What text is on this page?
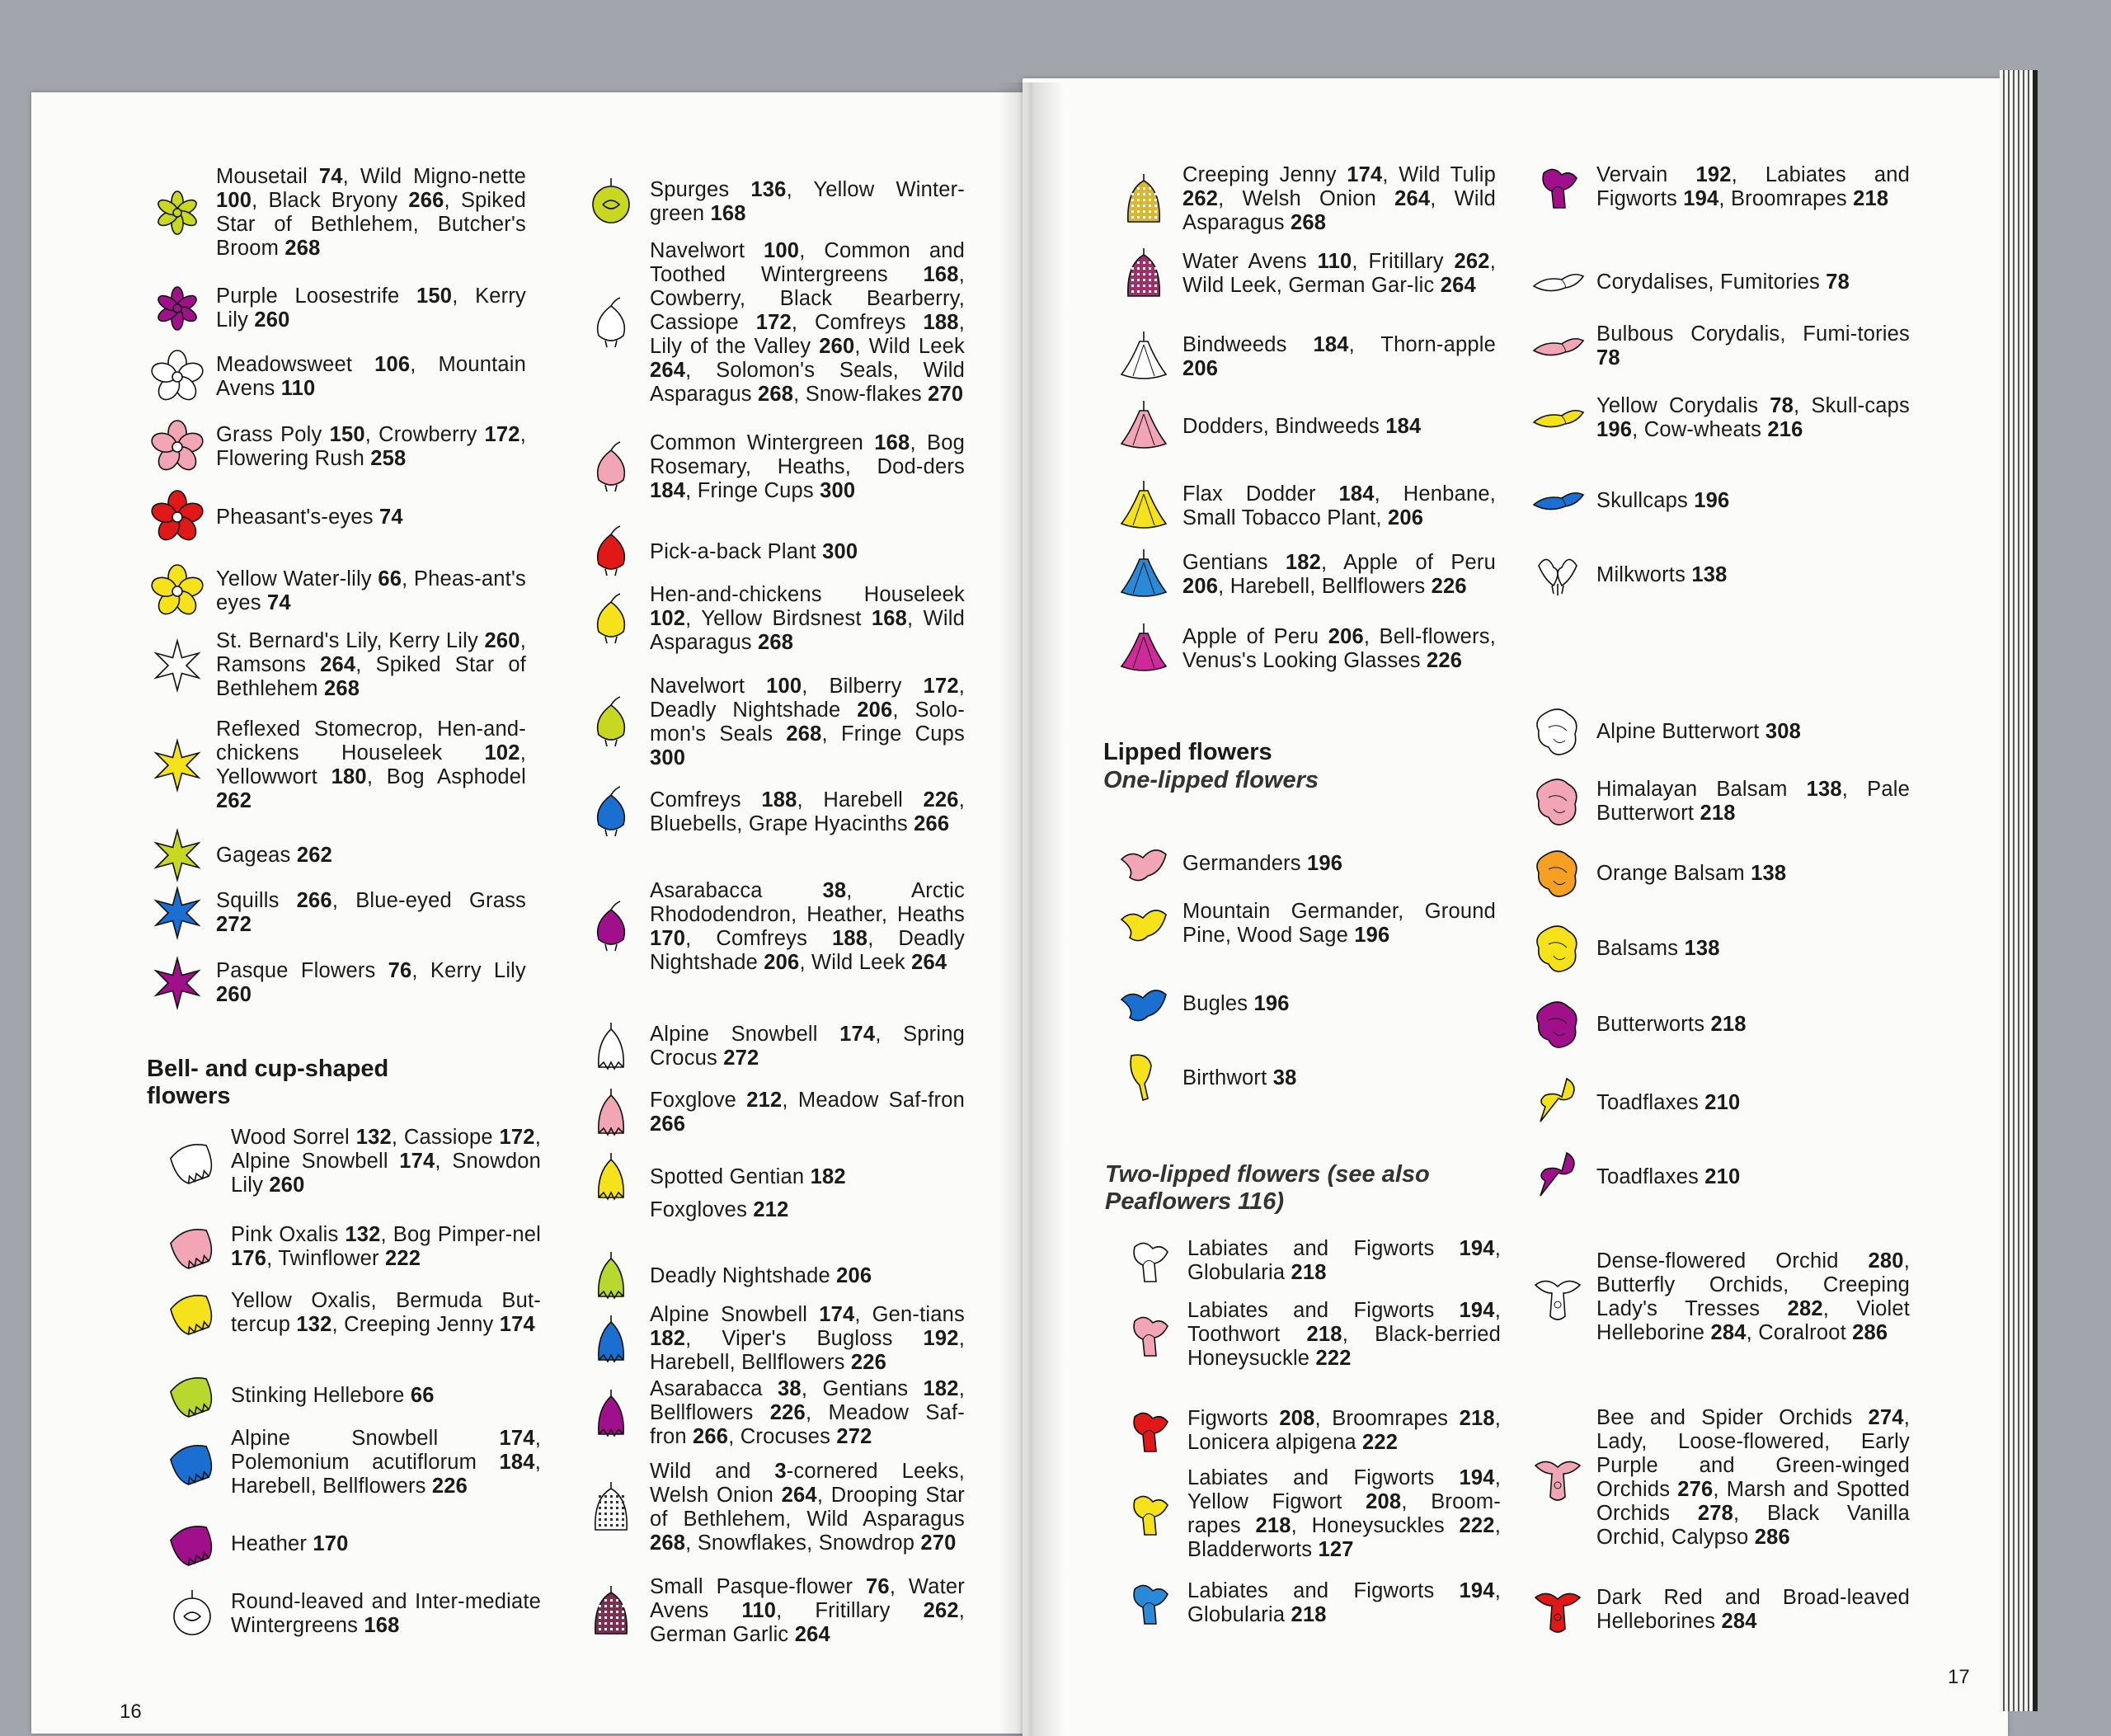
Mousetail 74, Wild Migno-nette 100, Black Bryony 266, Spiked Star of Bethlehem, Butcher's Broom 268
Purple Loosestrife 150, Kerry Lily 260
Meadowsweet 106, Mountain Avens 110
Grass Poly 150, Crowberry 172, Flowering Rush 258
Pheasant's-eyes 74
Yellow Water-lily 66, Pheas-ant's eyes 74
St. Bernard's Lily, Kerry Lily 260, Ramsons 264, Spiked Star of Bethlehem 268
Reflexed Stomecrop, Hen-and-chickens Houseleek 102, Yellowwort 180, Bog Asphodel 262
Gageas 262
Squills 266, Blue-eyed Grass 272
Pasque Flowers 76, Kerry Lily 260
Bell- and cup-shaped flowers
Wood Sorrel 132, Cassiope 172, Alpine Snowbell 174, Snowdon Lily 260
Pink Oxalis 132, Bog Pimper-nel 176, Twinflower 222
Yellow Oxalis, Bermuda But-tercup 132, Creeping Jenny 174
Stinking Hellebore 66
Alpine Snowbell 174, Polemonium acutiflorum 184, Harebell, Bellflowers 226
Heather 170
Round-leaved and Inter-mediate Wintergreens 168
Spurges 136, Yellow Winter-green 168
Navelwort 100, Common and Toothed Wintergreens 168, Cowberry, Black Bearberry, Cassiope 172, Comfreys 188, Lily of the Valley 260, Wild Leek 264, Solomon's Seals, Wild Asparagus 268, Snow-flakes 270
Common Wintergreen 168, Bog Rosemary, Heaths, Dod-ders 184, Fringe Cups 300
Pick-a-back Plant 300
Hen-and-chickens Houseleek 102, Yellow Birdsnest 168, Wild Asparagus 268
Navelwort 100, Bilberry 172, Deadly Nightshade 206, Solo-mon's Seals 268, Fringe Cups 300
Comfreys 188, Harebell 226, Bluebells, Grape Hyacinths 266
Asarabacca 38, Arctic Rhododendron, Heather, Heaths 170, Comfreys 188, Deadly Nightshade 206, Wild Leek 264
Alpine Snowbell 174, Spring Crocus 272
Foxglove 212, Meadow Saf-fron 266
Spotted Gentian 182
Foxgloves 212
Deadly Nightshade 206
Alpine Snowbell 174, Gen-tians 182, Viper's Bugloss 192, Harebell, Bellflowers 226
Asarabacca 38, Gentians 182, Bellflowers 226, Meadow Saf-fron 266, Crocuses 272
Wild and 3-cornered Leeks, Welsh Onion 264, Drooping Star of Bethlehem, Wild Asparagus 268, Snowflakes, Snowdrop 270
Small Pasque-flower 76, Water Avens 110, Fritillary 262, German Garlic 264
Creeping Jenny 174, Wild Tulip 262, Welsh Onion 264, Wild Asparagus 268
Water Avens 110, Fritillary 262, Wild Leek, German Gar-lic 264
Bindweeds 184, Thorn-apple 206
Dodders, Bindweeds 184
Flax Dodder 184, Henbane, Small Tobacco Plant, 206
Gentians 182, Apple of Peru 206, Harebell, Bellflowers 226
Apple of Peru 206, Bell-flowers, Venus's Looking Glasses 226
Lipped flowers
One-lipped flowers
Germanders 196
Mountain Germander, Ground Pine, Wood Sage 196
Bugles 196
Birthwort 38
Two-lipped flowers (see also Peaflowers 116)
Labiates and Figworts 194, Globularia 218
Labiates and Figworts 194, Toothwort 218, Black-berried Honeysuckle 222
Figworts 208, Broomrapes 218, Lonicera alpigena 222
Labiates and Figworts 194, Yellow Figwort 208, Broom-rapes 218, Honeysuckles 222, Bladderworts 127
Labiates and Figworts 194, Globularia 218
Vervain 192, Labiates and Figworts 194, Broomrapes 218
Corydalises, Fumitories 78
Bulbous Corydalis, Fumi-tories 78
Yellow Corydalis 78, Skull-caps 196, Cow-wheats 216
Skullcaps 196
Milkworts 138
Alpine Butterwort 308
Himalayan Balsam 138, Pale Butterwort 218
Orange Balsam 138
Balsams 138
Butterworts 218
Toadflaxes 210
Toadflaxes 210
Dense-flowered Orchid 280, Butterfly Orchids, Creeping Lady's Tresses 282, Violet Helleborine 284, Coralroot 286
Bee and Spider Orchids 274, Lady, Loose-flowered, Early Purple and Green-winged Orchids 276, Marsh and Spotted Orchids 278, Black Vanilla Orchid, Calypso 286
Dark Red and Broad-leaved Helleborines 284
16
17
